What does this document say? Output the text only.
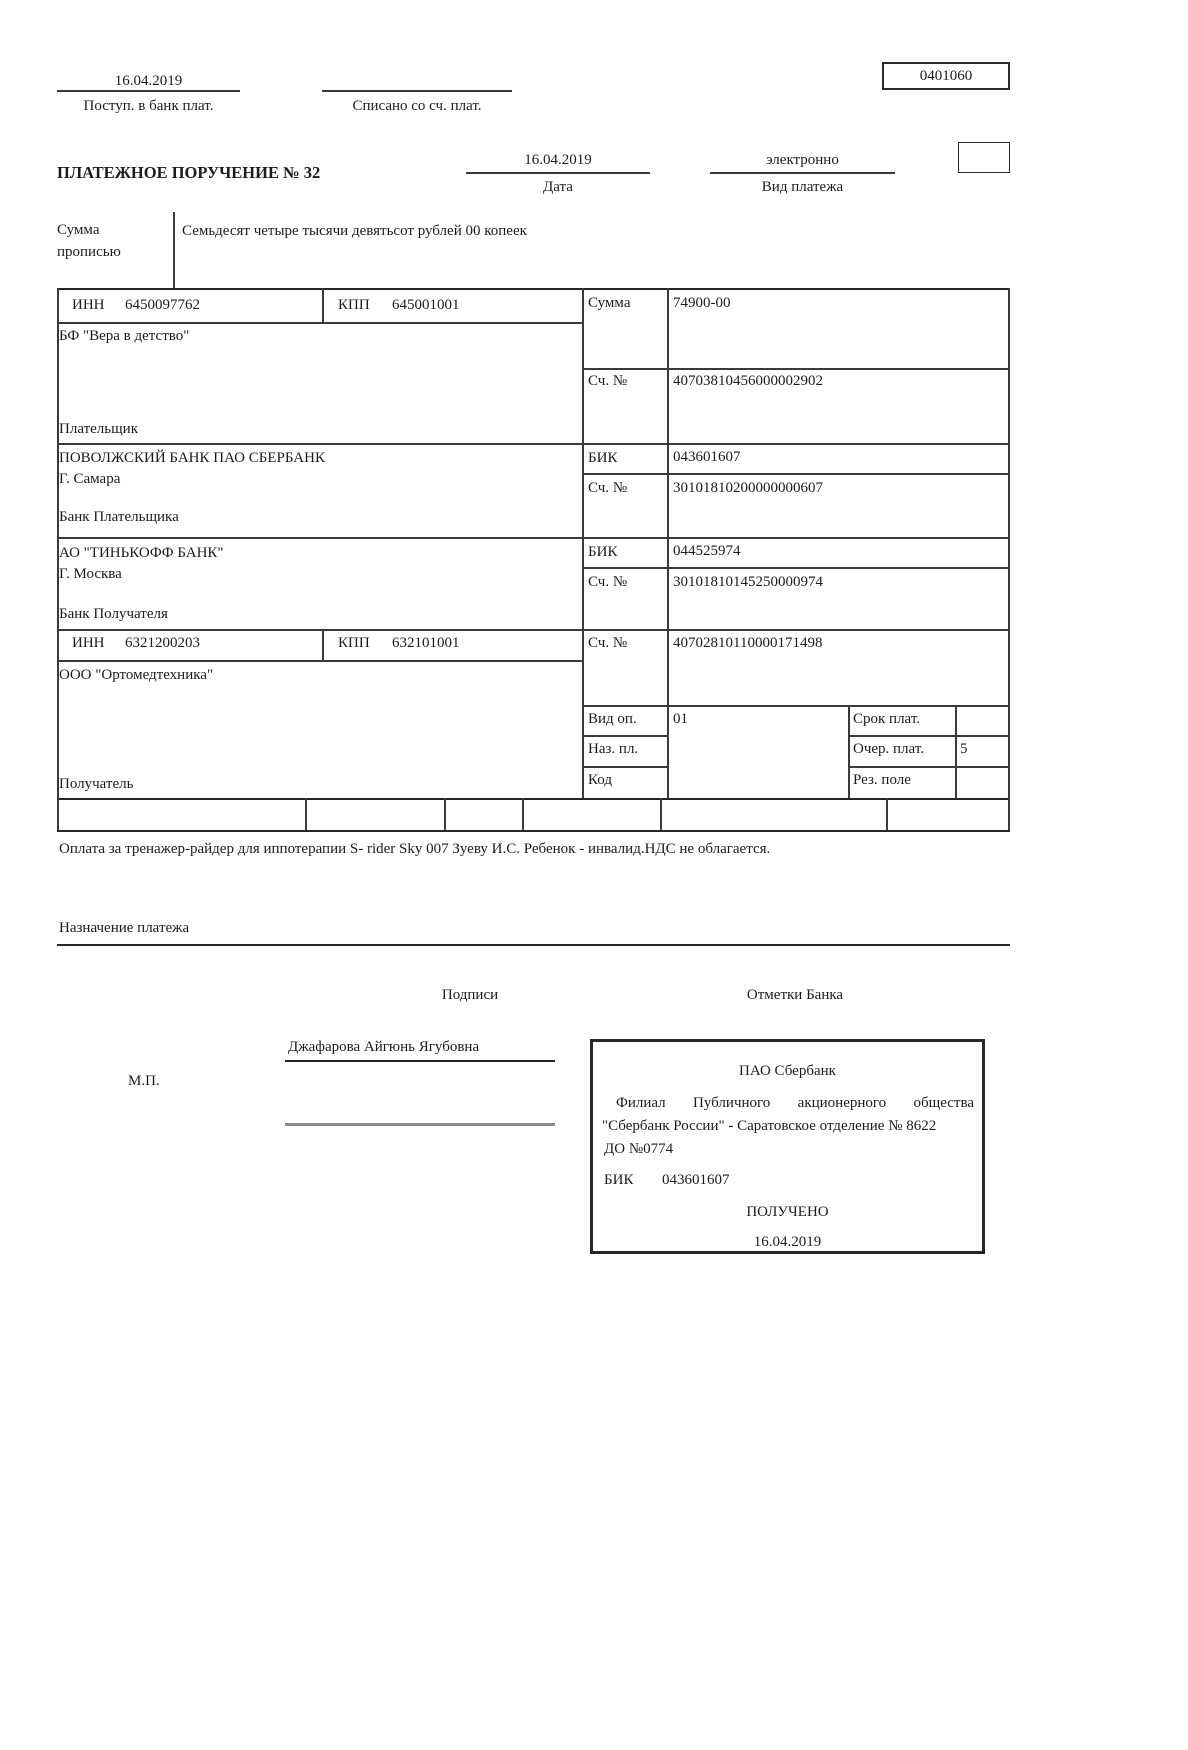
16.04.2019
Поступ. в банк плат.	Списано со сч. плат.
0401060
ПЛАТЕЖНОЕ ПОРУЧЕНИЕ № 32
16.04.2019
Дата
электронно
Вид платежа
Сумма
прописью
Семьдесят четыре тысячи девятьсот рублей 00 копеек
ИНН 6450097762	КПП 645001001	Сумма	74900-00
БФ "Вера в детство"
Сч. №	40703810456000002902
Плательщик
ПОВОЛЖСКИЙ БАНК ПАО СБЕРБАНК
Г. Самара
БИК	043601607
Сч. №	30101810200000000607
Банк Плательщика
АО "ТИНЬКОФФ БАНК"
Г. Москва
БИК	044525974
Сч. №	30101810145250000974
Банк Получателя
ИНН 6321200203	КПП 632101001	Сч. №	40702810110000171498
ООО "Ортомедтехника"
Вид оп. 01	Срок плат.
Наз. пл.	Очер. плат. 5
Код	Рез. поле
Получатель
Оплата за тренажер-райдер для иппотерапии S- rider Sky 007 Зуеву И.С. Ребенок - инвалид.НДС не облагается.
Назначение платежа
Подписи	Отметки Банка
Джафарова Айгюнь Ягубовна
М.П.
ПАО Сбербанк
Филиал Публичного акционерного общества "Сбербанк России" - Саратовское отделение № 8622
ДО №0774
БИК 043601607
ПОЛУЧЕНО
16.04.2019
